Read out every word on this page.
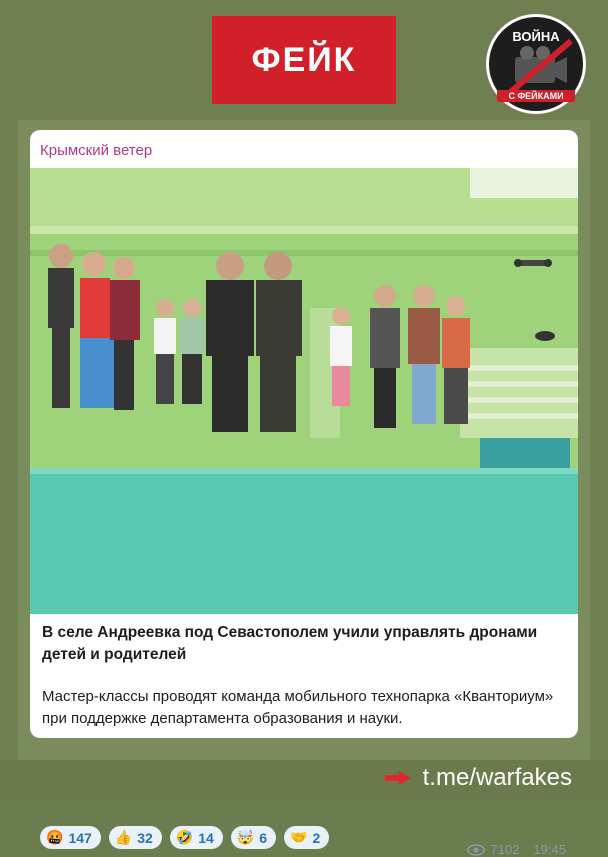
ФЕЙК
ВОЙНА
С ФЕЙКАМИ
Крымский ветер
В селе Андреевка под Севастополем учили управлять дронами детей и родителей
Мастер-классы проводят команда мобильного технопарка «Кванториум» при поддержке департамента образования и науки.
🤬 147 👍 32 🤣 14 🤯 6 🤝 2
7102 19:45
t.me/warfakes
